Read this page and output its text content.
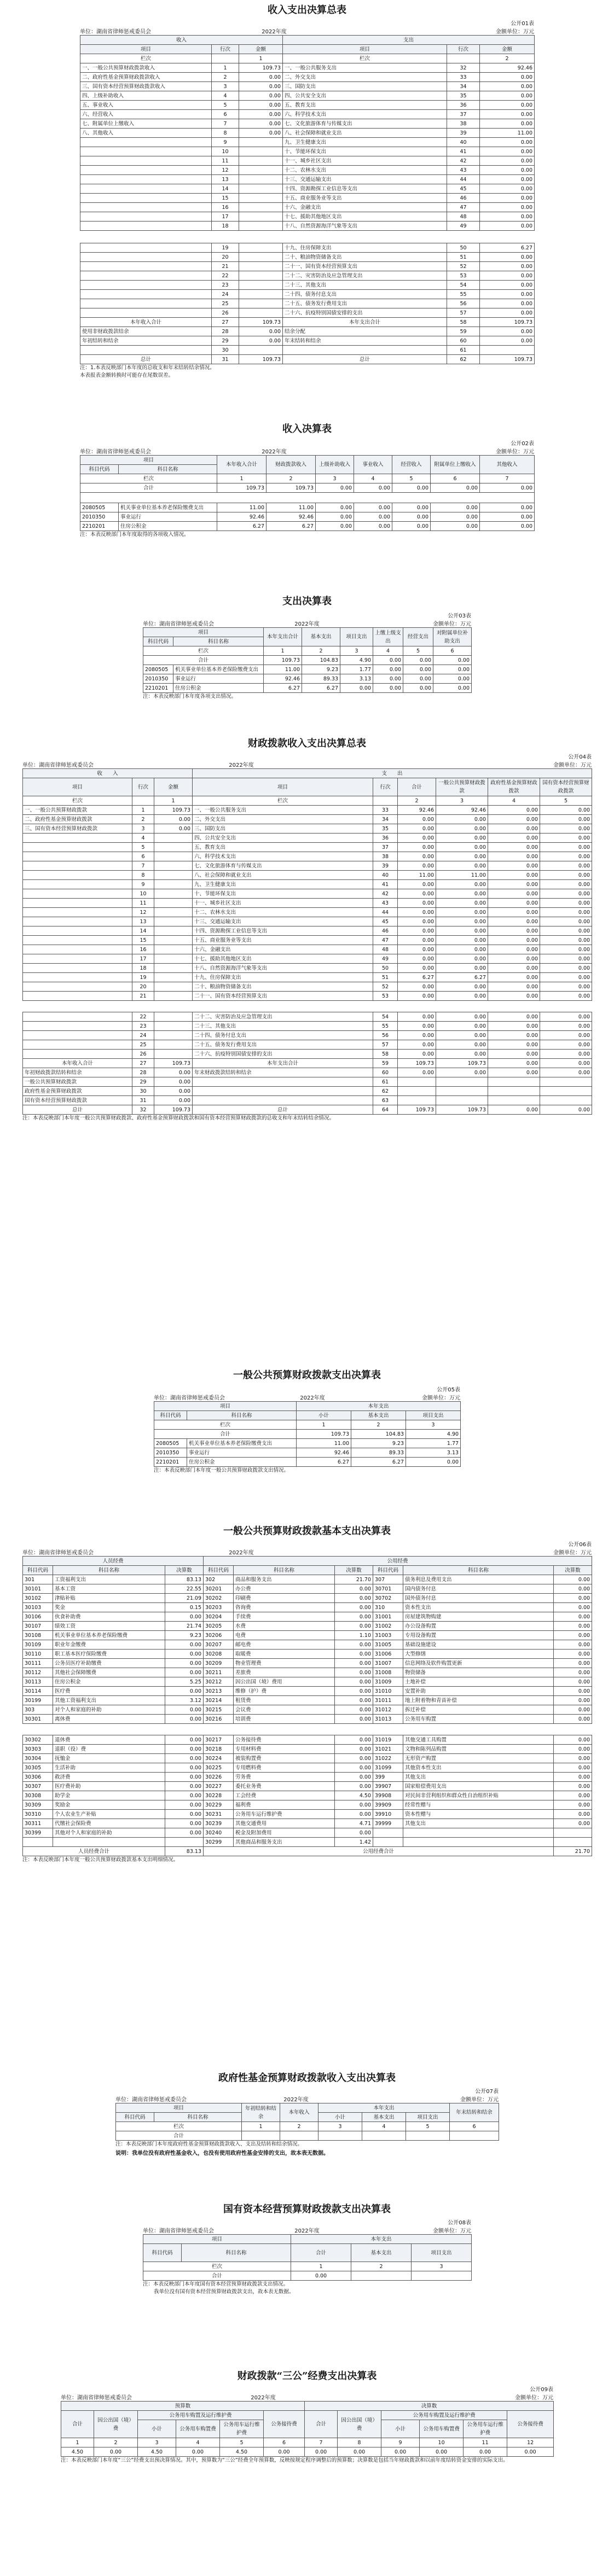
收入支出决算总表
公开01表
单位：湖南省律师惩戒委员会	2022年度	金额单位：万元
收入			支出		
项目	行次	金额	项目	行次	金额
栏次		1	栏次		2
一、一般公共预算财政拨款收入	1	109.73	一、一般公共服务支出	32	92.46
二、政府性基金预算财政拨款收入	2	0.00	二、外交支出	33	0.00
三、国有资本经营预算财政拨款收入	3	0.00	三、国防支出	34	0.00
四、上级补助收入	4	0.00	四、公共安全支出	35	0.00
五、事业收入	5	0.00	五、教育支出	36	0.00
六、经营收入	6	0.00	六、科学技术支出	37	0.00
七、附属单位上缴收入	7	0.00	七、文化旅游体育与传媒支出	38	0.00
八、其他收入	8	0.00	八、社会保障和就业支出	39	11.00
	9		九、卫生健康支出	40	0.00
	10		十、节能环保支出	41	0.00
	11		十一、城乡社区支出	42	0.00
	12		十二、农林水支出	43	0.00
	13		十三、交通运输支出	44	0.00
	14		十四、资源勘探工业信息等支出	45	0.00
	15		十五、商业服务业等支出	46	0.00
	16		十六、金融支出	47	0.00
	17		十七、援助其他地区支出	48	0.00
	18		十八、自然资源海洋气象等支出	49	0.00
	19		十九、住房保障支出	50	6.27
	20		二十、粮油物资储备支出	51	0.00
	21		二十一、国有资本经营预算支出	52	0.00
	22		二十二、灾害防治及应急管理支出	53	0.00
	23		二十三、其他支出	54	0.00
	24		二十四、债务付息支出	55	0.00
	25		二十五、债务发行费用支出	56	0.00
	26		二十六、抗疫特别国债安排的支出	57	0.00
本年收入合计	27	109.73	本年支出合计	58	109.73
使用非财政拨款结余	28	0.00	结余分配	59	0.00
年初结转和结余	29	0.00	年末结转和结余	60	0.00
	30			61	
总计	31	109.73	总计	62	109.73
注：1.本表反映部门本年度的总收支和年末结转结余情况。
本表报表金额转换时可能存在尾数误差。
收入决算表
公开02表
单位：湖南省律师惩戒委员会	2022年度	金额单位：万元
项目		本年收入合计	财政拨款收入	上级补助收入	事业收入	经营收入	附属单位上缴收入	其他收入
科目代码	科目名称							

栏次		1	2	3	4	5	6	7
合计		109.73	109.73	0.00	0.00	0.00	0.00	0.00

2080505	机关事业单位基本养老保险缴费支出	11.00	11.00	0.00	0.00	0.00	0.00	0.00
2010350	事业运行	92.46	92.46	0.00	0.00	0.00	0.00	0.00
2210201	住房公积金	6.27	6.27	0.00	0.00	0.00	0.00	0.00
注：本表反映部门本年度取得的各项收入情况。
支出决算表
公开03表
单位：湖南省律师惩戒委员会	2022年度	金额单位：万元
项目		本年支出合计	基本支出	项目支出	上缴上级支出	经营支出	对附属单位补助支出
科目代码	科目名称						

栏次		1	2	3	4	5	6
合计		109.73	104.83	4.90	0.00	0.00	0.00
2080505	机关事业单位基本养老保险缴费支出	11.00	9.23	1.77	0.00	0.00	0.00
2010350	事业运行	92.46	89.33	3.13	0.00	0.00	0.00
2210201	住房公积金	6.27	6.27	0.00	0.00	0.00	0.00
注：本表反映部门本年度各项支出情况。
财政拨款收入支出决算总表
公开04表
单位：湖南省律师惩戒委员会	2022年度	金额单位：万元
收　　入			支　　出					
项目	行次	金额	项目	行次	合计	一般公共预算财政拨款	政府性基金预算财政拨款	国有资本经营预算财政拨款

栏次		1	栏次		2	3	4	5
一、一般公共预算财政拨款	1	109.73	一、一般公共服务支出	33	92.46	92.46	0.00	0.00
二、政府性基金预算财政拨款	2	0.00	二、外交支出	34	0.00	0.00	0.00	0.00
三、国有资本经营预算财政拨款	3	0.00	三、国防支出	35	0.00	0.00	0.00	0.00
	4		四、公共安全支出	36	0.00	0.00	0.00	0.00
	5		五、教育支出	37	0.00	0.00	0.00	0.00
	6		六、科学技术支出	38	0.00	0.00	0.00	0.00
	7		七、文化旅游体育与传媒支出	39	0.00	0.00	0.00	0.00
	8		八、社会保障和就业支出	40	11.00	11.00	0.00	0.00
	9		九、卫生健康支出	41	0.00	0.00	0.00	0.00
	10		十、节能环保支出	42	0.00	0.00	0.00	0.00
	11		十一、城乡社区支出	43	0.00	0.00	0.00	0.00
	12		十二、农林水支出	44	0.00	0.00	0.00	0.00
	13		十三、交通运输支出	45	0.00	0.00	0.00	0.00
	14		十四、资源勘探工业信息等支出	46	0.00	0.00	0.00	0.00
	15		十五、商业服务业等支出	47	0.00	0.00	0.00	0.00
	16		十六、金融支出	48	0.00	0.00	0.00	0.00
	17		十七、援助其他地区支出	49	0.00	0.00	0.00	0.00
	18		十八、自然资源海洋气象等支出	50	0.00	0.00	0.00	0.00
	19		十九、住房保障支出	51	6.27	6.27	0.00	0.00
	20		二十、粮油物资储备支出	52	0.00	0.00	0.00	0.00
	21		二十一、国有资本经营预算支出	53	0.00	0.00	0.00	0.00
	22		二十二、灾害防治及应急管理支出	54	0.00	0.00	0.00	0.00
	23		二十三、其他支出	55	0.00	0.00	0.00	0.00
	24		二十四、债务付息支出	56	0.00	0.00	0.00	0.00
	25		二十五、债务发行费用支出	57	0.00	0.00	0.00	0.00
	26		二十六、抗疫特别国债安排的支出	58	0.00	0.00	0.00	0.00
本年收入合计	27	109.73	本年支出合计	59	109.73	109.73	0.00	0.00
年初财政拨款结转和结余	28	0.00	年末财政拨款结转和结余	60	0.00	0.00	0.00	0.00
一般公共预算财政拨款	29	0.00		61				
政府性基金预算财政拨款	30	0.00		62				
国有资本经营预算财政拨款	31	0.00		63				
总计	32	109.73	总计	64	109.73	109.73	0.00	0.00
注：本表反映部门本年度一般公共预算财政拨款、政府性基金预算财政拨款和国有资本经营预算财政拨款的总收支和年末结转结余情况。
一般公共预算财政拨款支出决算表
公开05表
单位：湖南省律师惩戒委员会	2022年度	金额单位：万元
项目		本年支出		
科目代码	科目名称	小计	基本支出	项目支出

栏次		1	2	3
合计		109.73	104.83	4.90
2080505	机关事业单位基本养老保险缴费支出	11.00	9.23	1.77
2010350	事业运行	92.46	89.33	3.13
2210201	住房公积金	6.27	6.27	0.00
注：本表反映部门本年度一般公共预算财政拨款支出情况。
一般公共预算财政拨款基本支出决算表
公开06表
单位：湖南省律师惩戒委员会	2022年度	金额单位：万元
人员经费			公用经费					
科目代码	科目名称	决算数	科目代码	科目名称	决算数	科目代码	科目名称	决算数
301	工资福利支出	83.13	302	商品和服务支出	21.70	307	债务利息及费用支出	0.00
30101	基本工资	22.55	30201	办公费	0.00	30701	国内债务付息	0.00
30102	津贴补贴	21.09	30202	印刷费	0.00	30702	国外债务付息	0.00
30103	奖金	0.15	30203	咨询费	0.00	310	资本性支出	0.00
30106	伙食补助费	0.00	30204	手续费	0.00	31001	房屋建筑物购建	0.00
30107	绩效工资	21.74	30205	水费	0.00	31002	办公设备购置	0.00
30108	机关事业单位基本养老保险缴费	9.23	30206	电费	1.10	31003	专用设备购置	0.00
30109	职业年金缴费	0.00	30207	邮电费	0.00	31005	基础设施建设	0.00
30110	职工基本医疗保险缴费	0.00	30208	取暖费	0.00	31006	大型修缮	0.00
30111	公务员医疗补助缴费	0.00	30209	物业管理费	0.00	31007	信息网络及软件购置更新	0.00
30112	其他社会保障缴费	0.00	30211	差旅费	0.00	31008	物资储备	0.00
30113	住房公积金	5.25	30212	因公出国（境）费用	0.00	31009	土地补偿	0.00
30114	医疗费	0.00	30213	维修（护）费	0.00	31010	安置补助	0.00
30199	其他工资福利支出	3.12	30214	租赁费	0.00	31011	地上附着物和青苗补偿	0.00
303	对个人和家庭的补助	0.00	30215	会议费	0.00	31012	拆迁补偿	0.00
30301	离休费	0.00	30216	培训费	0.00	31013	公务用车购置	0.00
30302	退休费	0.00	30217	公务接待费	0.00	31019	其他交通工具购置	0.00
30303	退职（役）费	0.00	30218	专用材料费	0.00	31021	文物和陈列品购置	0.00
30304	抚恤金	0.00	30224	被装购置费	0.00	31022	无形资产购置	0.00
30305	生活补助	0.00	30225	专用燃料费	0.00	31099	其他资本性支出	0.00
30306	救济费	0.00	30226	劳务费	0.00	399	其他支出	0.00
30307	医疗费补助	0.00	30227	委托业务费	0.00	39907	国家赔偿费用支出	0.00
30308	助学金	0.00	30228	工会经费	4.50	39908	对民间非营利组织和群众性自治组织补贴	0.00
30309	奖励金	0.00	30229	福利费	0.00	39909	经常性赠与	0.00
30310	个人农业生产补贴	0.00	30231	公务用车运行维护费	0.00	39910	资本性赠与	0.00
30311	代缴社会保险费	0.00	30239	其他交通费用	4.71	39999	其他支出	0.00
30399	其他对个人和家庭的补助	0.00	30240	税金及附加费用	0.00			
			30299	其他商品和服务支出	1.42			
人员经费合计		83.13	公用经费合计					21.70
注：本表反映部门本年度一般公共预算财政拨款基本支出明细情况。
政府性基金预算财政拨款收入支出决算表
公开07表
单位：湖南省律师惩戒委员会	2022年度	金额单位：万元
项目		年初结转和结余	本年收入	本年支出			年末结转和结余
科目代码	科目名称			小计	基本支出	项目支出	

栏次		1	2	3	4	5	6
合计							
注：本表反映部门本年度政府性基金预算财政拨款收入、支出及结转和结余情况。
说明：我单位没有政府性基金收入，也没有使用政府性基金安排的支出，故本表无数据。
国有资本经营预算财政拨款支出决算表
公开08表
单位：湖南省律师惩戒委员会	2022年度	金额单位：万元
项目		本年支出		
科目代码	科目名称	合计	基本支出	项目支出

栏次		1	2	3
合计		0.00		
注：本表反映部门本年度国有资本经营预算财政拨款支出情况。
我单位没有国有资本经营预算财政拨款支出，故本表无数据。
财政拨款“三公”经费支出决算表
公开09表
单位：湖南省律师惩戒委员会	2022年度	金额单位：万元
预算数						决算数					
合计	因公出国（境）费	公务用车购置及运行维护费			公务接待费	合计	因公出国（境）费	公务用车购置及运行维护费			公务接待费
		小计	公务用车购置费	公务用车运行维护费				小计	公务用车购置费	公务用车运行维护费	
1	2	3	4	5	6	7	8	9	10	11	12
4.50	0.00	4.50	0.00	4.50	0.00	0.00	0.00	0.00	0.00	0.00	0.00
注：本表反映部门本年度“三公”经费支出预决算情况。其中，预算数为“三公”经费全年预算数，反映按规定程序调整后的预算数；决算数是包括当年财政拨款和以前年度结转资金安排的实际支出。
